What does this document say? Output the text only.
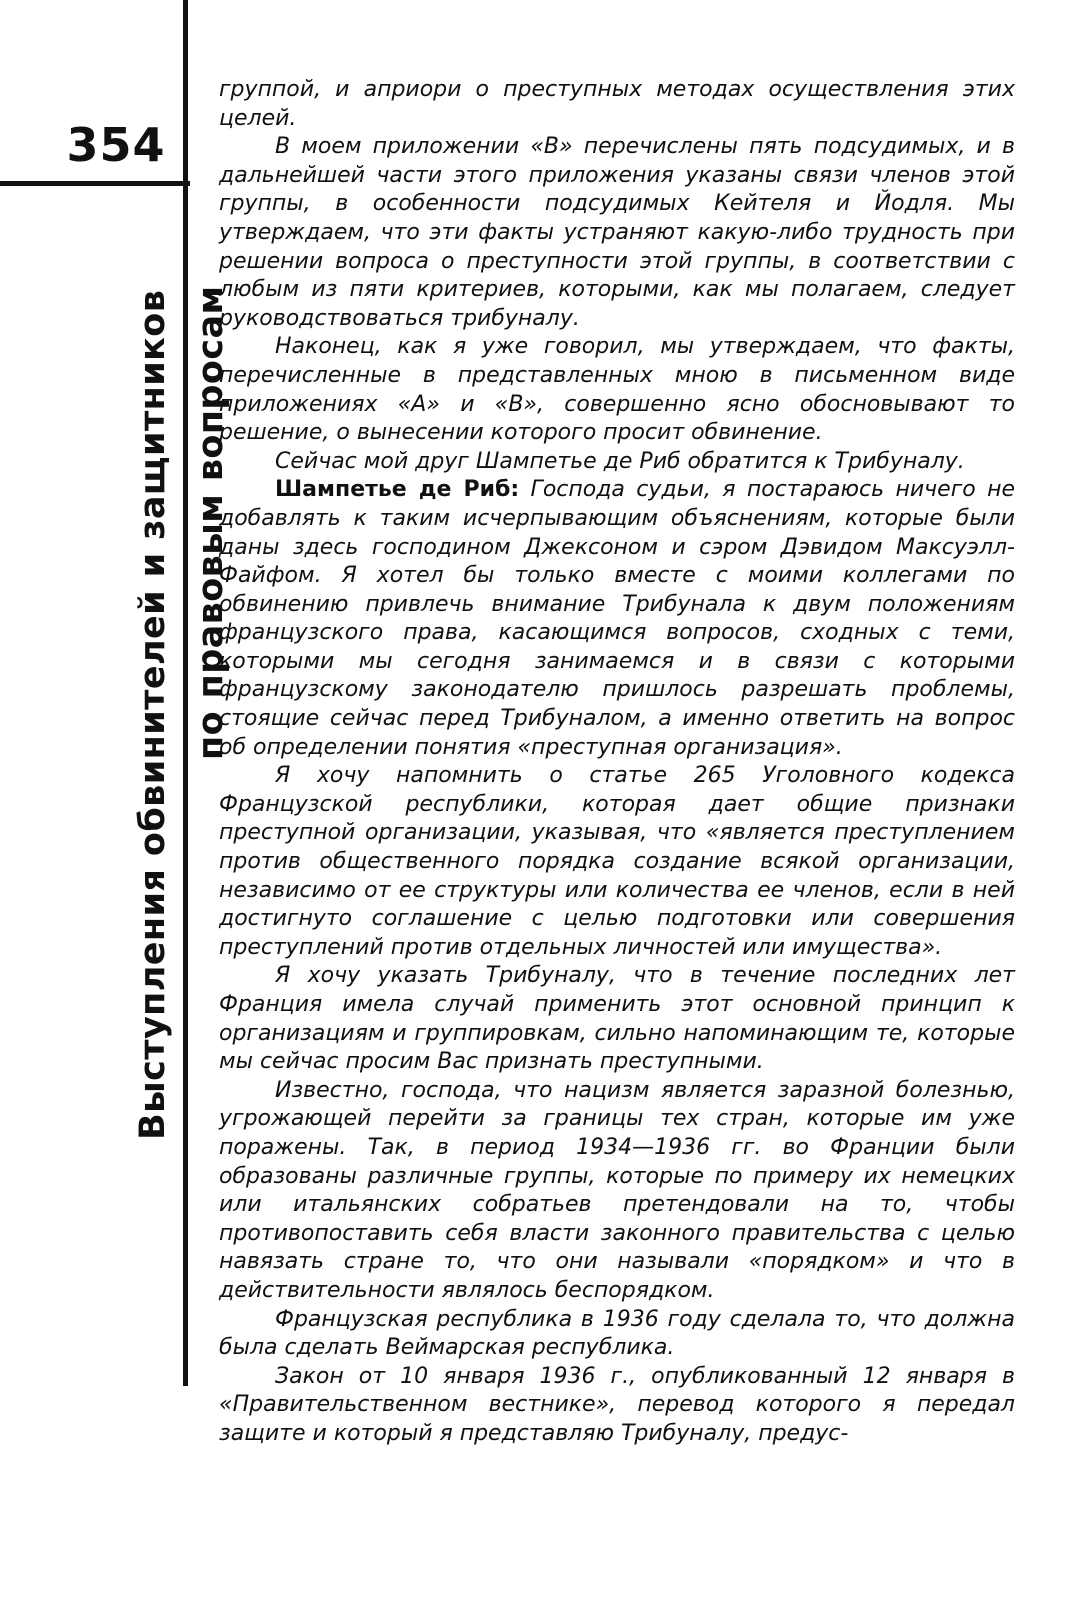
354
Выступления обвинителей и защитников по правовым вопросам

группой, и априори о преступных методах осуществления этих целей.

В моем приложении «В» перечислены пять подсудимых, и в дальнейшей части этого приложения указаны связи членов этой группы, в особенности подсудимых Кейтеля и Йодля. Мы утверждаем, что эти факты устраняют какую-либо трудность при решении вопроса о преступности этой группы, в соответствии с любым из пяти критериев, которыми, как мы полагаем, следует руководствоваться трибуналу.

Наконец, как я уже говорил, мы утверждаем, что факты, перечисленные в представленных мною в письменном виде приложениях «А» и «В», совершенно ясно обосновывают то решение, о вынесении которого просит обвинение.

Сейчас мой друг Шампетье де Риб обратится к Трибуналу.

Шампетье де Риб: Господа судьи, я постараюсь ничего не добавлять к таким исчерпывающим объяснениям, которые были даны здесь господином Джексоном и сэром Дэвидом Максуэлл-Файфом. Я хотел бы только вместе с моими коллегами по обвинению привлечь внимание Трибунала к двум положениям французского права, касающимся вопросов, сходных с теми, которыми мы сегодня занимаемся и в связи с которыми французскому законодателю пришлось разрешать проблемы, стоящие сейчас перед Трибуналом, а именно ответить на вопрос об определении понятия «преступная организация».

Я хочу напомнить о статье 265 Уголовного кодекса Французской республики, которая дает общие признаки преступной организации, указывая, что «является преступлением против общественного порядка создание всякой организации, независимо от ее структуры или количества ее членов, если в ней достигнуто соглашение с целью подготовки или совершения преступлений против отдельных личностей или имущества».

Я хочу указать Трибуналу, что в течение последних лет Франция имела случай применить этот основной принцип к организациям и группировкам, сильно напоминающим те, которые мы сейчас просим Вас признать преступными.

Известно, господа, что нацизм является заразной болезнью, угрожающей перейти за границы тех стран, которые им уже поражены. Так, в период 1934—1936 гг. во Франции были образованы различные группы, которые по примеру их немецких или итальянских собратьев претендовали на то, чтобы противопоставить себя власти законного правительства с целью навязать стране то, что они называли «порядком» и что в действительности являлось беспорядком.

Французская республика в 1936 году сделала то, что должна была сделать Веймарская республика.

Закон от 10 января 1936 г., опубликованный 12 января в «Правительственном вестнике», перевод которого я передал защите и который я представляю Трибуналу, предус-
